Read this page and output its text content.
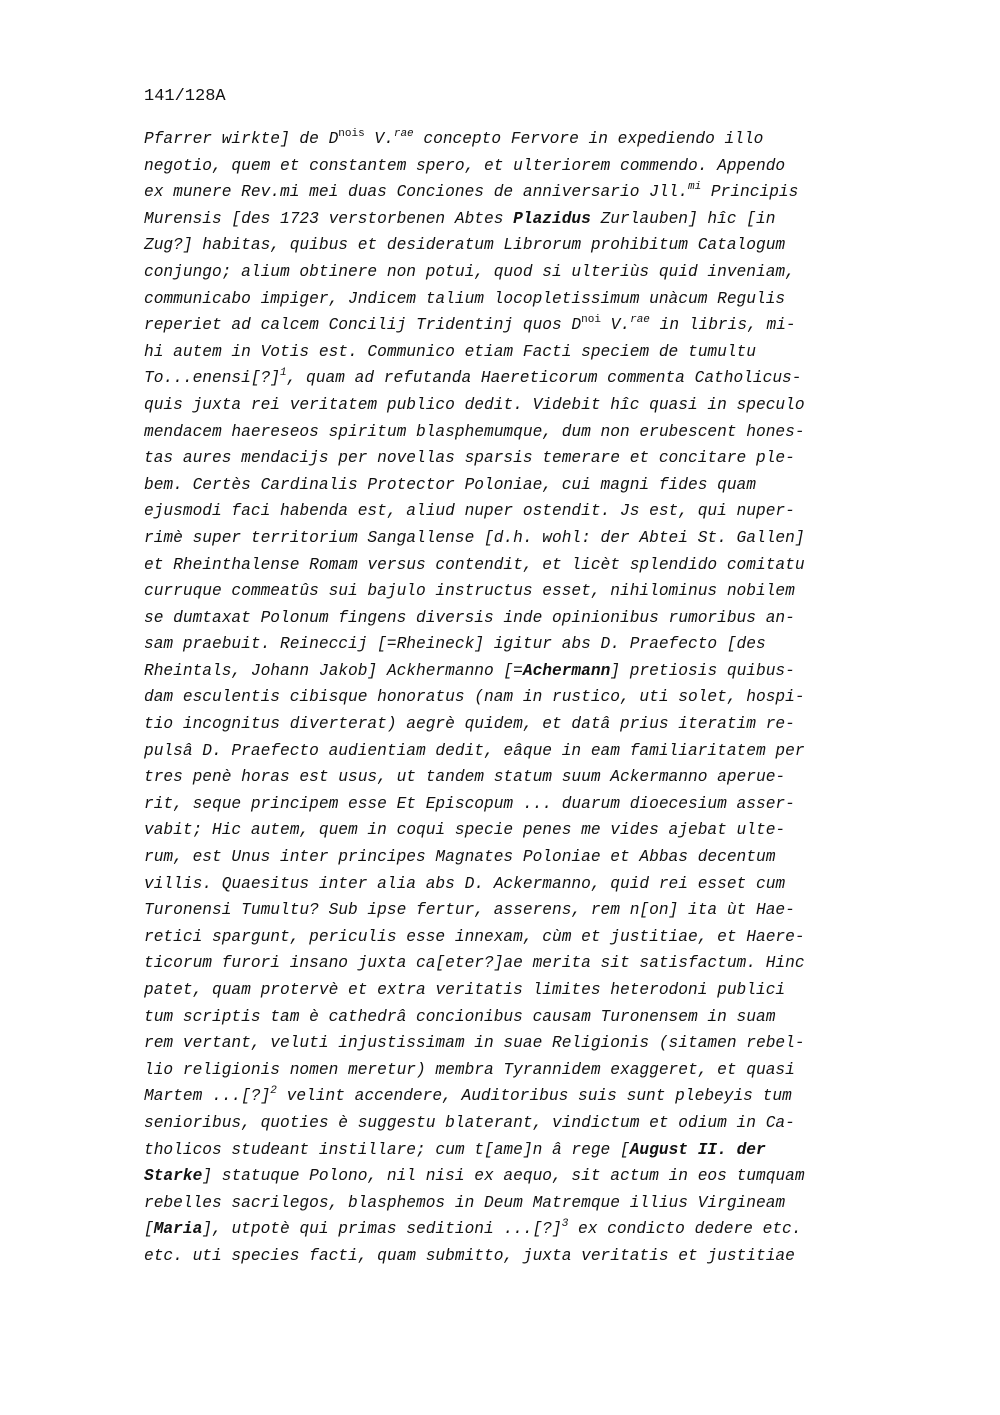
141/128A
Pfarrer wirkte] de $D^{nois}$ V.$^{rae}$ concepto Fervore in expediendo illo
negotio, quem et constantem spero, et ulteriorem commendo. Appendo
ex munere Rev.mi mei duas Conciones de anniversario Jll.$^{mi}$ Principis
Murensis [des 1723 verstorbenen Abtes Plazidus Zurlauben] hîc [in
Zug?] habitas, quibus et desideratum Librorum prohibitum Catalogum
conjungo; alium obtinere non potui, quod si ulteriùs quid inveniam,
communicabo impiger, Jndicem talium locopletissimum unàcum Regulis
reperiet ad calcem Concilij Tridentinj quos $D^{noi}$ V.$^{rae}$ in libris, mi-
hi autem in Votis est. Communico etiam Facti speciem de tumultu
To...enensi[?]$^1$, quam ad refutanda Haereticorum commenta Catholicus-
quis juxta rei veritatem publico dedit. Videbit hîc quasi in speculo
mendacem haereseos spiritum blasphemumque, dum non erubescent hones-
tas aures mendacijs per novellas sparsis temerare et concitare ple-
bem. Certès Cardinalis Protector Poloniae, cui magni fides quam
ejusmodi faci habenda est, aliud nuper ostendit. Js est, qui nuper-
rimè super territorium Sangallense [d.h. wohl: der Abtei St. Gallen]
et Rheinthalense Romam versus contendit, et licèt splendido comitatu
curruque commeatûs sui bajulo instructus esset, nihilominus nobilem
se dumtaxat Polonum fingens diversis inde opinionibus rumoribus an-
sam praebuit. Reineccij [=Rheineck] igitur abs D. Praefecto [des
Rheintals, Johann Jakob] Ackhermanno [=Achermann] pretiosis quibus-
dam esculentis cibisque honoratus (nam in rustico, uti solet, hospi-
tio incognitus diverterat) aegrè quidem, et datâ prius iteratim re-
pulsâ D. Praefecto audientiam dedit, eâque in eam familiaritatem per
tres penè horas est usus, ut tandem statum suum Ackermanno aperue-
rit, seque principem esse Et Episcopum ... duarum dioecesium asser-
vabit; Hic autem, quem in coqui specie penes me vides ajebat ulte-
rum, est Unus inter principes Magnates Poloniae et Abbas decentum
villis. Quaesitus inter alia abs D. Ackermanno, quid rei esset cum
Turonensi Tumultu? Sub ipse fertur, asserens, rem n[on] ita ùt Hae-
retici spargunt, periculis esse innexam, cùm et justitiae, et Haere-
ticorum furori insano juxta ca[eter?]ae merita sit satisfactum. Hinc
patet, quam protervè et extra veritatis limites heterodoni publici
tum scriptis tam è cathedrâ concionibus causam Turonensem in suam
rem vertant, veluti injustissimam in suae Religionis (sitamen rebel-
lio religionis nomen meretur) membra Tyrannidem exaggeret, et quasi
Martem ...[?]$^2$ velint accendere, Auditoribus suis sunt plebeyis tum
senioribus, quoties è suggestu blaterant, vindictum et odium in Ca-
tholicos studeant instillare; cum t[ame]n â rege [August II. der
Starke] statuque Polono, nil nisi ex aequo, sit actum in eos tumquam
rebelles sacrilegos, blasphemos in Deum Matremque illius Virgineam
[Maria], utpotè qui primas seditioni ...[?]$^3$ ex condicto dedere etc.
etc. uti species facti, quam submitto, juxta veritatis et justitiae
